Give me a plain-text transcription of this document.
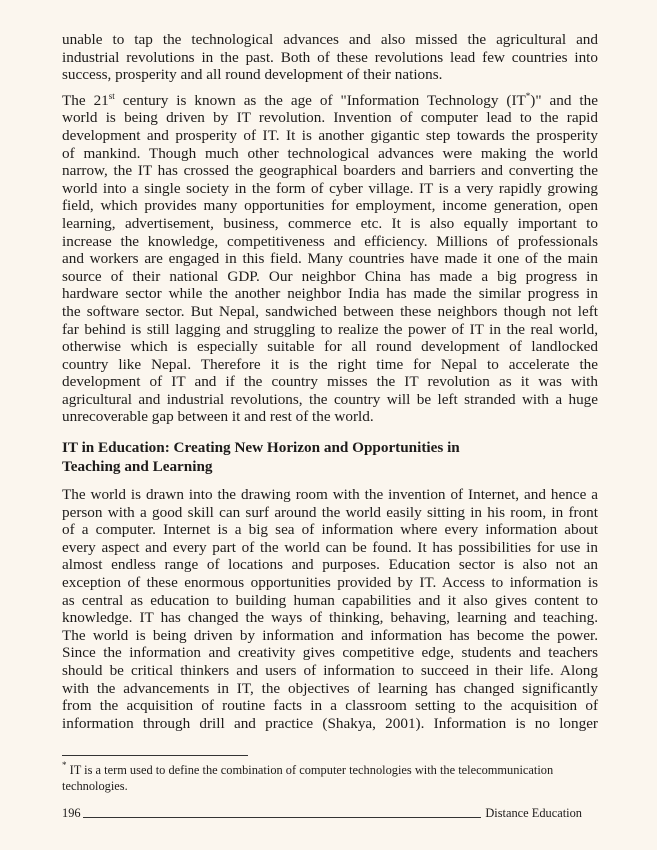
unable to tap the technological advances and also missed the agricultural and
industrial revolutions in the past. Both of these revolutions lead few countries into
success, prosperity and all round development of their nations.
The 21st century is known as the age of "Information Technology (IT*)" and the
world is being driven by IT revolution. Invention of computer lead to the rapid
development and prosperity of IT. It is another gigantic step towards the prosperity
of mankind. Though much other technological advances were making the world
narrow, the IT has crossed the geographical boarders and barriers and converting the
world into a single society in the form of cyber village. IT is a very rapidly growing
field, which provides many opportunities for employment, income generation, open
learning, advertisement, business, commerce etc. It is also equally important to
increase the knowledge, competitiveness and efficiency. Millions of professionals
and workers are engaged in this field. Many countries have made it one of the main
source of their national GDP. Our neighbor China has made a big progress in
hardware sector while the another neighbor India has made the similar progress in
the software sector. But Nepal, sandwiched between these neighbors though not left
far behind is still lagging and struggling to realize the power of IT in the real world,
otherwise which is especially suitable for all round development of landlocked
country like Nepal. Therefore it is the right time for Nepal to accelerate the
development of IT and if the country misses the IT revolution as it was with
agricultural and industrial revolutions, the country will be left stranded with a huge
unrecoverable gap between it and rest of the world.
IT in Education: Creating New Horizon and Opportunities in
Teaching and Learning
The world is drawn into the drawing room with the invention of Internet, and hence a
person with a good skill can surf around the world easily sitting in his room, in front
of a computer. Internet is a big sea of information where every information about
every aspect and every part of the world can be found. It has possibilities for use in
almost endless range of locations and purposes. Education sector is also not an
exception of these enormous opportunities provided by IT. Access to information is
as central as education to building human capabilities and it also gives content to
knowledge. IT has changed the ways of thinking, behaving, learning and teaching.
The world is being driven by information and information has become the power.
Since the information and creativity gives competitive edge, students and teachers
should be critical thinkers and users of information to succeed in their life. Along
with the advancements in IT, the objectives of learning has changed significantly
from the acquisition of routine facts in a classroom setting to the acquisition of
information through drill and practice (Shakya, 2001). Information is no longer
* IT is a term used to define the combination of computer technologies with the telecommunication
technologies.
196	Distance Education
